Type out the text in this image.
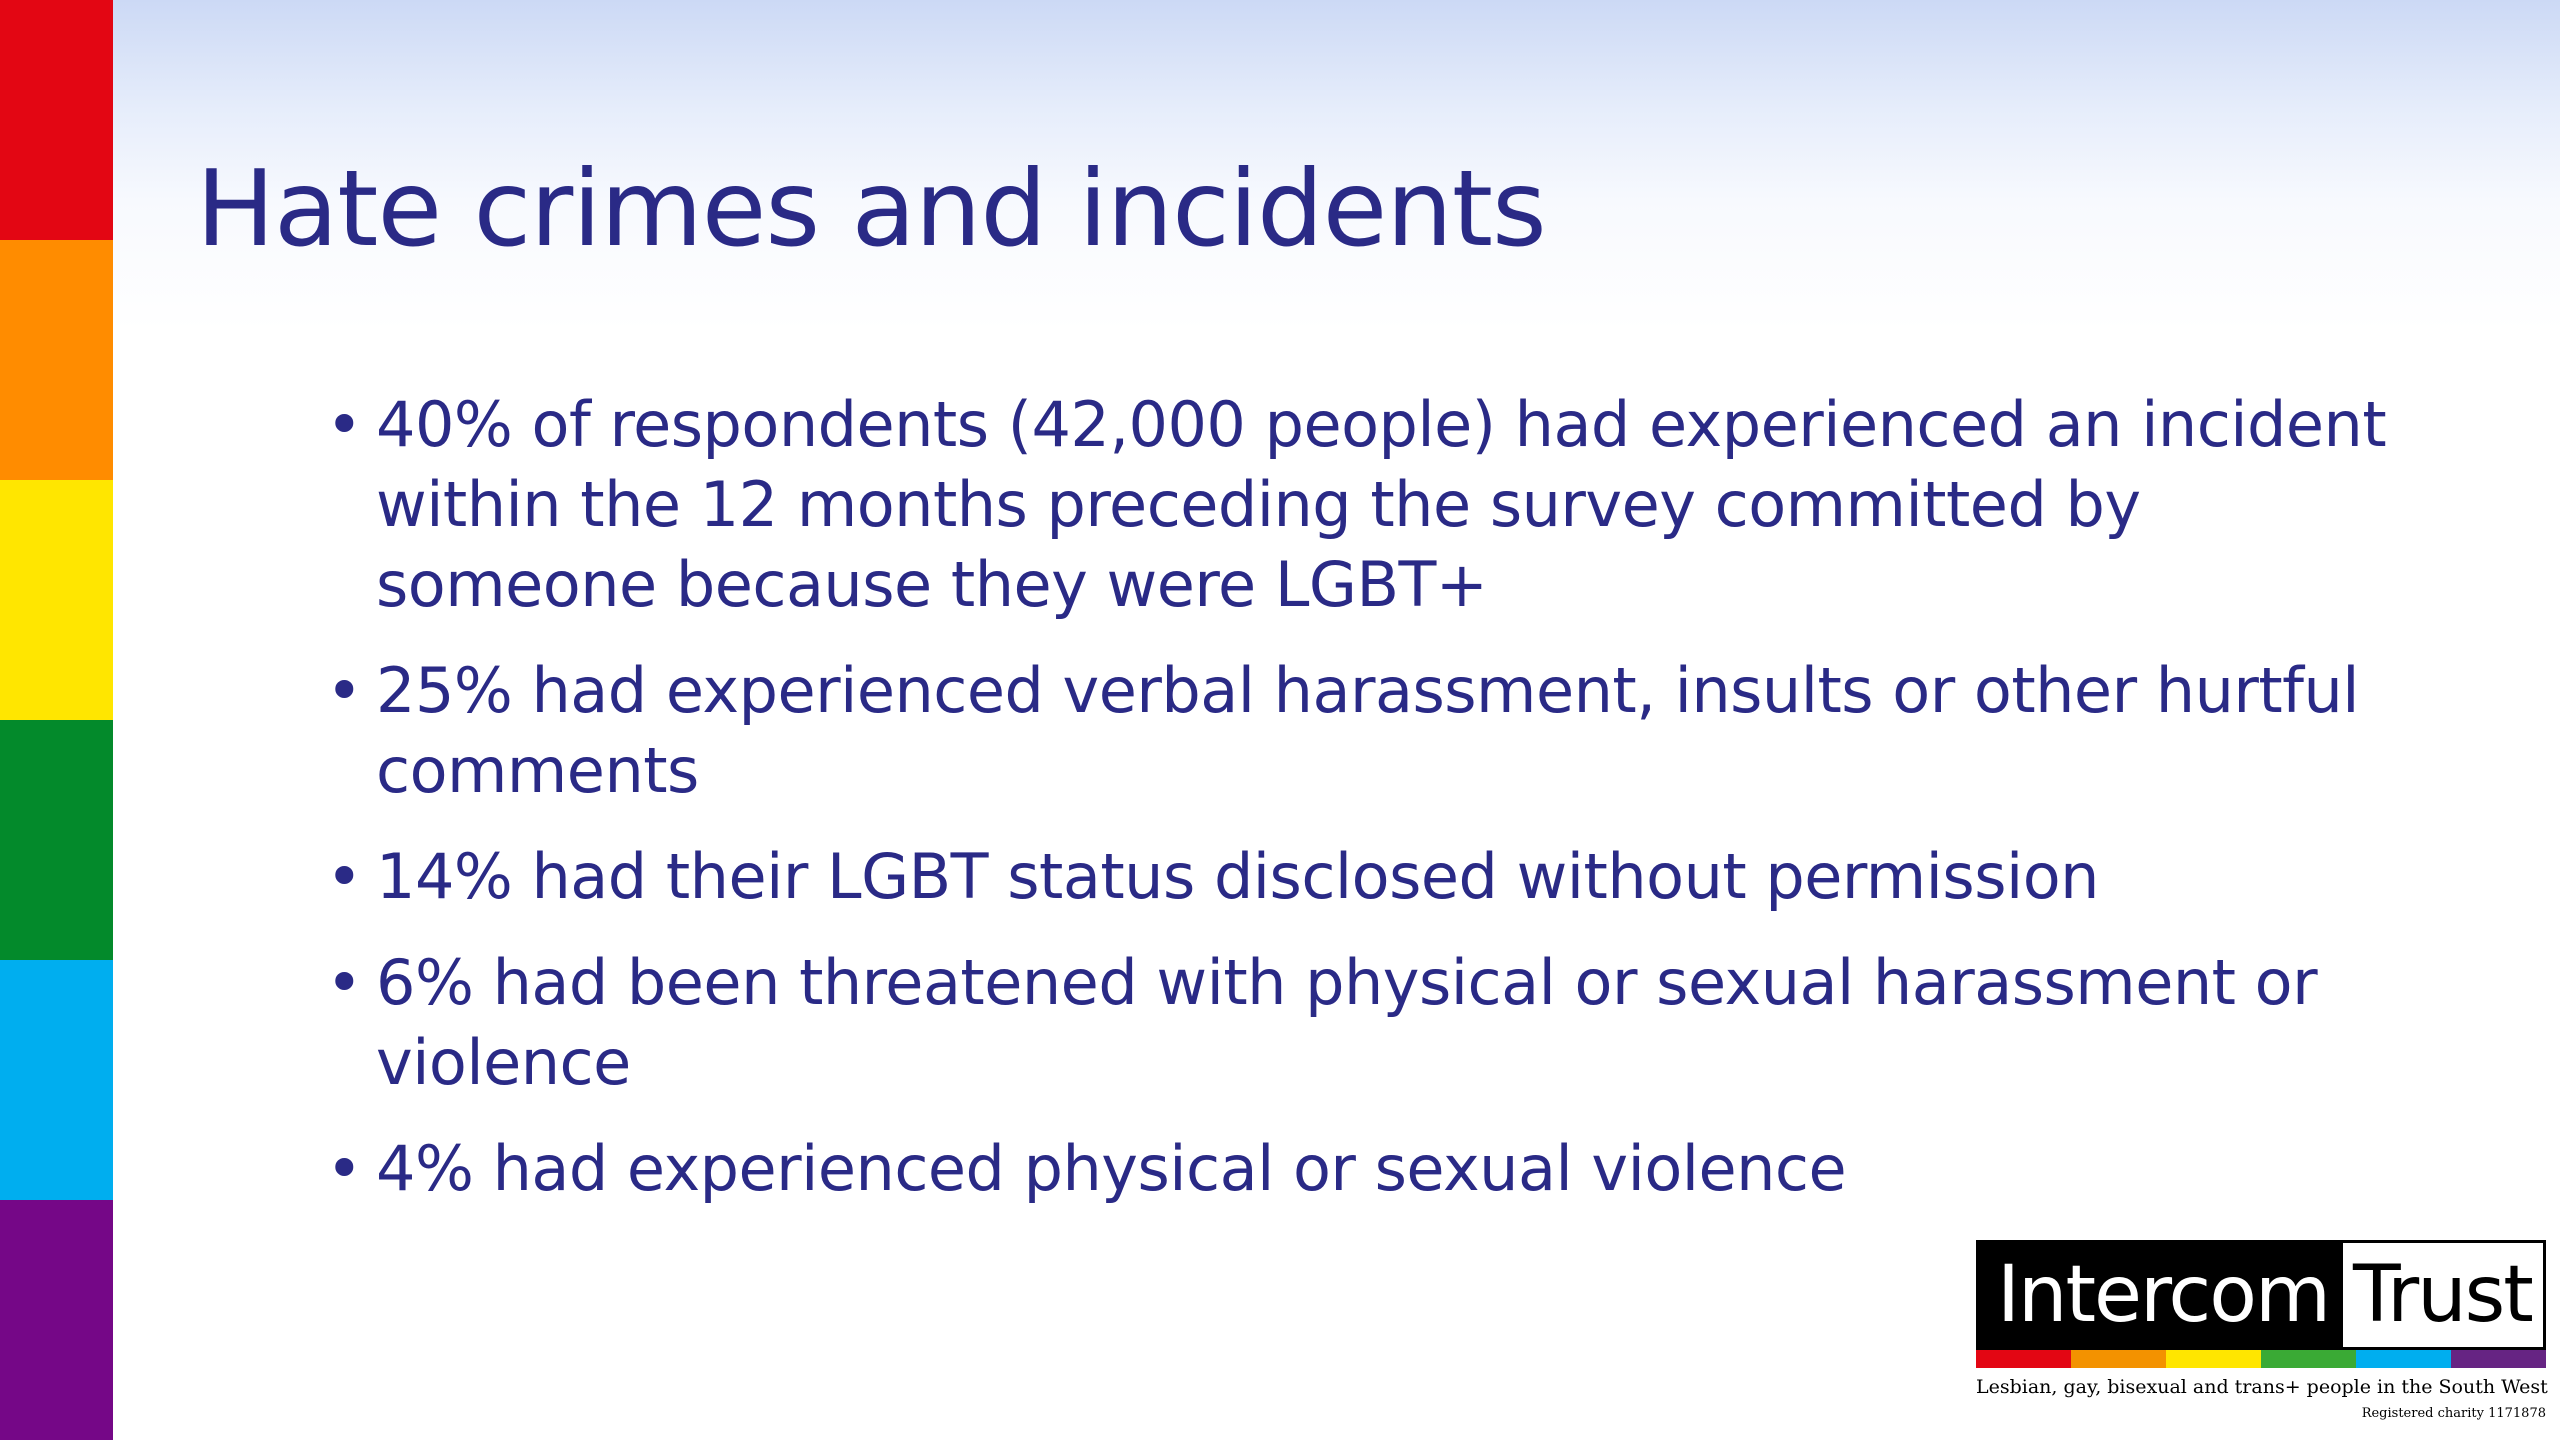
Hate crimes and incidents
• 40% of respondents (42,000 people) had experienced an incident within the 12 months preceding the survey committed by someone because they were LGBT+
• 25% had experienced verbal harassment, insults or other hurtful comments
• 14% had their LGBT status disclosed without permission
• 6% had been threatened with physical or sexual harassment or violence
• 4% had experienced physical or sexual violence
Intercom Trust
Lesbian, gay, bisexual and trans+ people in the South West
Registered charity 1171878
